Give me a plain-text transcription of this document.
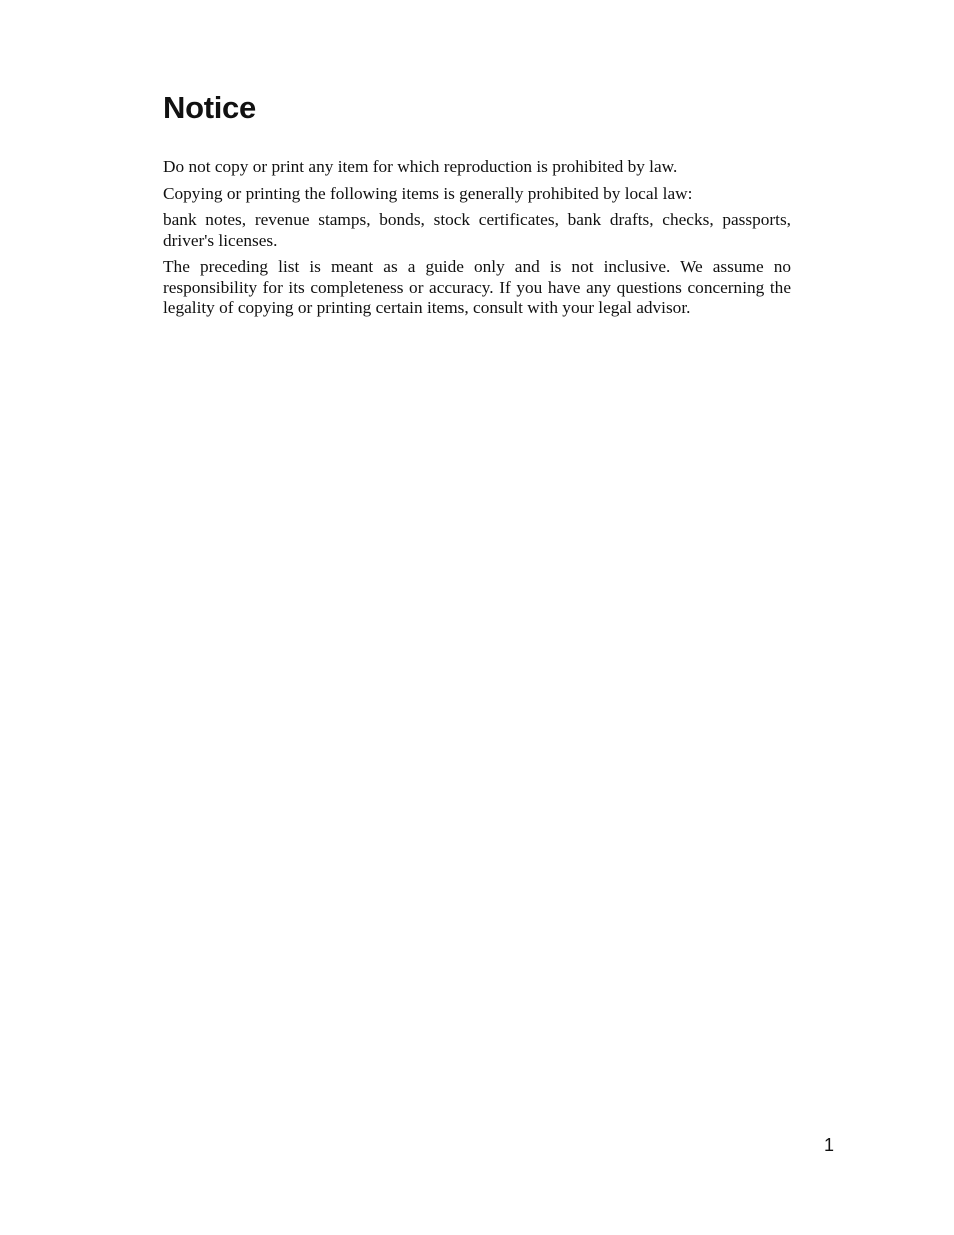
Notice

Do not copy or print any item for which reproduction is prohibited by law.

Copying or printing the following items is generally prohibited by local law:

bank notes, revenue stamps, bonds, stock certificates, bank drafts, checks, passports, driver's licenses.

The preceding list is meant as a guide only and is not inclusive. We assume no responsibility for its completeness or accuracy. If you have any questions concerning the legality of copying or printing certain items, consult with your legal advisor.

1
